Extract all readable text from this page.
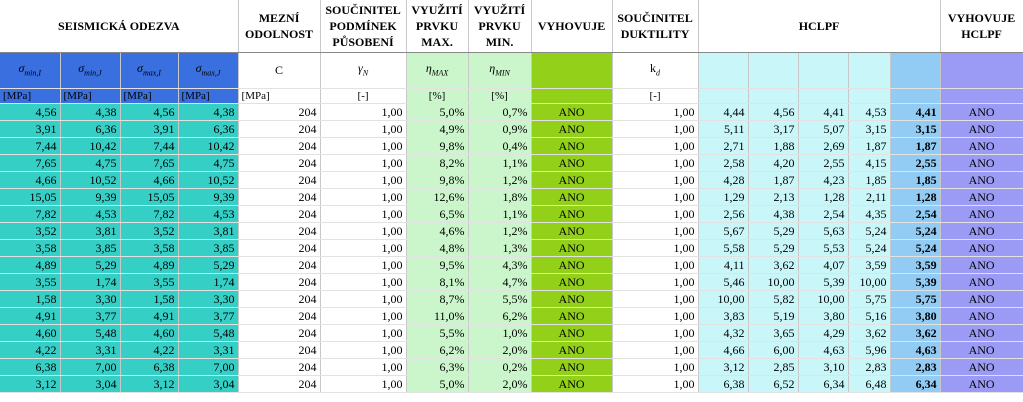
SEISMICKÁ ODEZVA				MEZNÍ ODOLNOST	SOUČINITEL PODMÍNEK PŮSOBENÍ	VYUŽITÍ PRVKU MAX.	VYUŽITÍ PRVKU MIN.	VYHOVUJE	SOUČINITEL DUKTILITY	HCLPF					VYHOVUJE HCLPF
$\sigma_{min,I}$	$\sigma_{min,J}$	$\sigma_{max,I}$	$\sigma_{max,J}$	C	$\gamma_N$	$\eta_{MAX}$	$\eta_{MIN}$		$k_d$						
[MPa]	[MPa]	[MPa]	[MPa]	[MPa]	[-]	[%]	[%]		[-]						
4,56	4,38	4,56	4,38	204	1,00	5,0%	0,7%	ANO	1,00	4,44	4,56	4,41	4,53	4,41	ANO
3,91	6,36	3,91	6,36	204	1,00	4,9%	0,9%	ANO	1,00	5,11	3,17	5,07	3,15	3,15	ANO
7,44	10,42	7,44	10,42	204	1,00	9,8%	0,4%	ANO	1,00	2,71	1,88	2,69	1,87	1,87	ANO
7,65	4,75	7,65	4,75	204	1,00	8,2%	1,1%	ANO	1,00	2,58	4,20	2,55	4,15	2,55	ANO
4,66	10,52	4,66	10,52	204	1,00	9,8%	1,2%	ANO	1,00	4,28	1,87	4,23	1,85	1,85	ANO
15,05	9,39	15,05	9,39	204	1,00	12,6%	1,8%	ANO	1,00	1,29	2,13	1,28	2,11	1,28	ANO
7,82	4,53	7,82	4,53	204	1,00	6,5%	1,1%	ANO	1,00	2,56	4,38	2,54	4,35	2,54	ANO
3,52	3,81	3,52	3,81	204	1,00	4,6%	1,2%	ANO	1,00	5,67	5,29	5,63	5,24	5,24	ANO
3,58	3,85	3,58	3,85	204	1,00	4,8%	1,3%	ANO	1,00	5,58	5,29	5,53	5,24	5,24	ANO
4,89	5,29	4,89	5,29	204	1,00	9,5%	4,3%	ANO	1,00	4,11	3,62	4,07	3,59	3,59	ANO
3,55	1,74	3,55	1,74	204	1,00	8,1%	4,7%	ANO	1,00	5,46	10,00	5,39	10,00	5,39	ANO
1,58	3,30	1,58	3,30	204	1,00	8,7%	5,5%	ANO	1,00	10,00	5,82	10,00	5,75	5,75	ANO
4,91	3,77	4,91	3,77	204	1,00	11,0%	6,2%	ANO	1,00	3,83	5,19	3,80	5,16	3,80	ANO
4,60	5,48	4,60	5,48	204	1,00	5,5%	1,0%	ANO	1,00	4,32	3,65	4,29	3,62	3,62	ANO
4,22	3,31	4,22	3,31	204	1,00	6,2%	2,0%	ANO	1,00	4,66	6,00	4,63	5,96	4,63	ANO
6,38	7,00	6,38	7,00	204	1,00	6,3%	0,2%	ANO	1,00	3,12	2,85	3,10	2,83	2,83	ANO
3,12	3,04	3,12	3,04	204	1,00	5,0%	2,0%	ANO	1,00	6,38	6,52	6,34	6,48	6,34	ANO
